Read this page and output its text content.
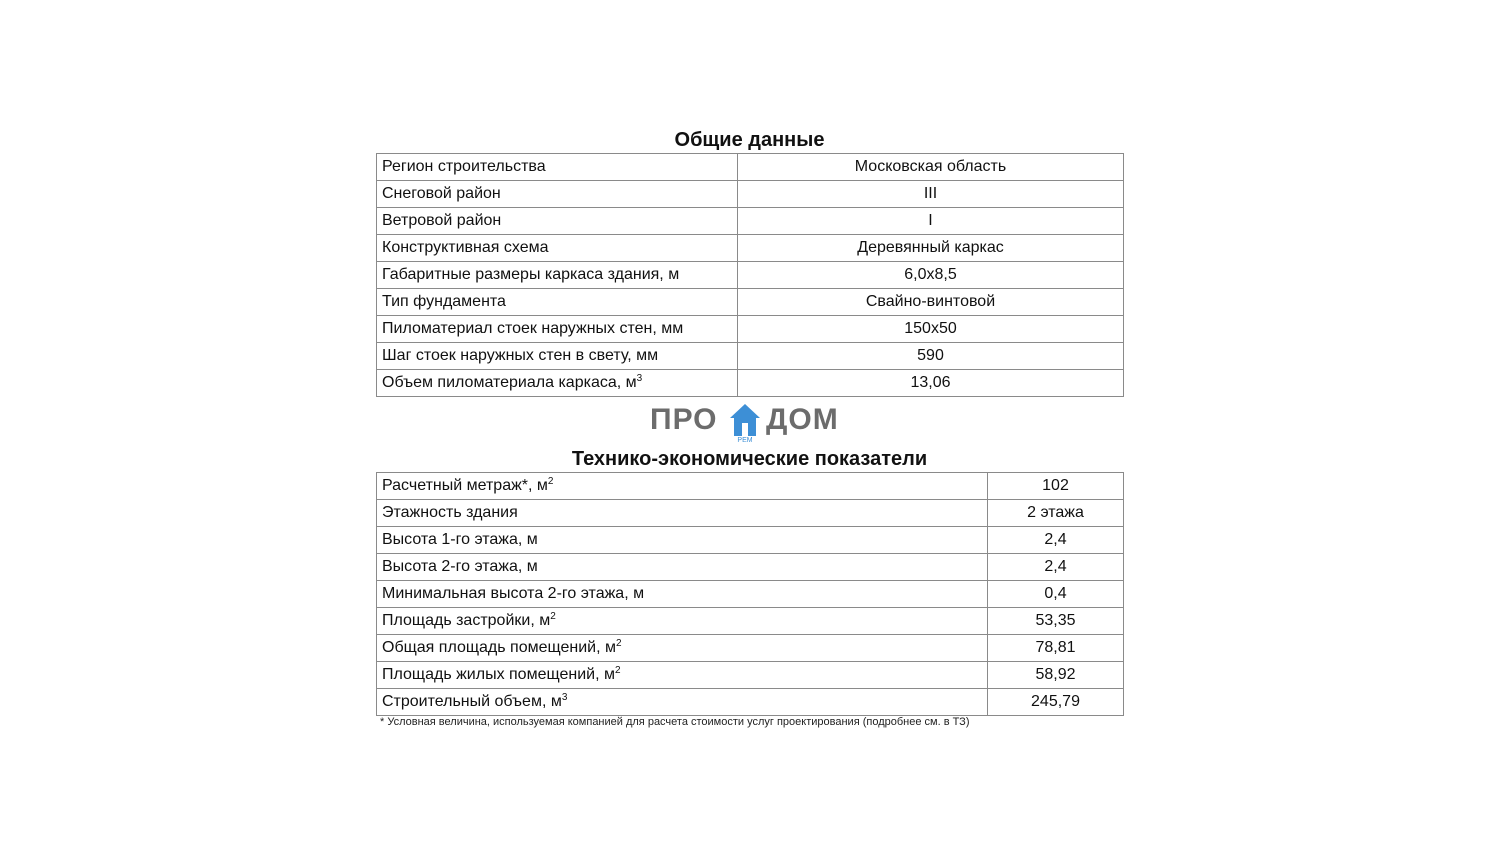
Общие данные
Регион строительства	Московская область
Снеговой район	III
Ветровой район	I
Конструктивная схема	Деревянный каркас
Габаритные размеры каркаса здания, м	6,0х8,5
Тип фундамента	Свайно-винтовой
Пиломатериал стоек наружных стен, мм	150х50
Шаг стоек наружных стен в свету, мм	590
Объем пиломатериала каркаса, $м^3$	13,06
ПРО
РЕМ
ДОМ
Технико-экономические показатели
Расчетный метраж*, $м^2$	102
Этажность здания	2 этажа
Высота 1-го этажа, м	2,4
Высота 2-го этажа, м	2,4
Минимальная высота 2-го этажа, м	0,4
Площадь застройки, $м^2$	53,35
Общая площадь помещений, $м^2$	78,81
Площадь жилых помещений, $м^2$	58,92
Строительный объем, $м^3$	245,79
* Условная величина, используемая компанией для расчета стоимости услуг проектирования (подробнее см. в ТЗ)
